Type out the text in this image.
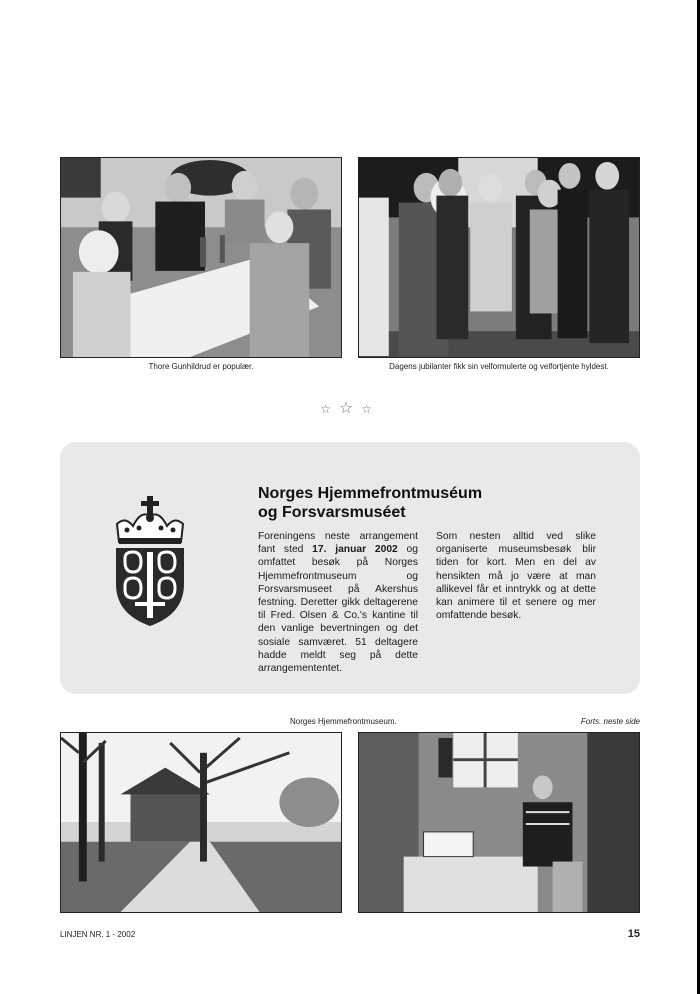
Thore Gunhildrud er populær.	Dagens jubilanter fikk sin velformulerte og velfortjente hyldest.
☆☆☆
Norges Hjemmefrontmuséum
og Forsvarsmuséet
Foreningens neste arrangement fant sted 17. januar 2002 og omfattet besøk på Norges Hjemmefrontmuseum og Forsvarsmuseet på Akershus festning. Deretter gikk deltagerene til Fred. Olsen & Co.'s kantine til den vanlige bevertningen og det sosiale samværet. 51 deltagere hadde meldt seg på dette arrangemententet.
Som nesten alltid ved slike organiserte museumsbesøk blir tiden for kort. Men en del av hensikten må jo være at man allikevel får et inntrykk og at dette kan animere til et senere og mer omfattende besøk.
Norges Hjemmefrontmuseum.	Forts. neste side
LINJEN NR. 1 - 2002	15
